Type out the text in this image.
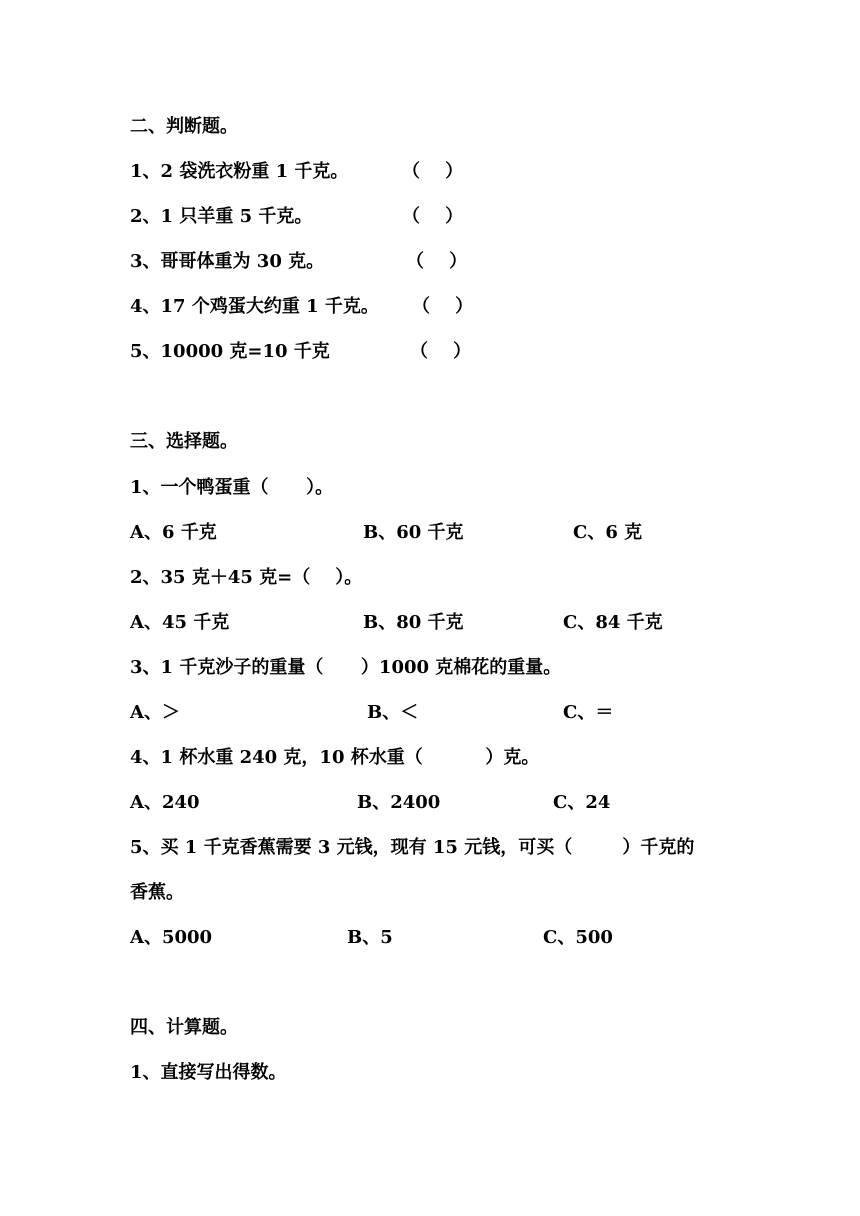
二、判断题。
1、2 袋洗衣粉重 1 千克。	（    ）
2、1 只羊重 5 千克。	（    ）
3、哥哥体重为 30 克。	（    ）
4、17 个鸡蛋大约重 1 千克。 （    ）
5、10000 克=10 千克	（    ）
三、选择题。
1、一个鸭蛋重（      ）。
A、6 千克	B、60 千克	C、6 克
2、35 克＋45 克=（    ）。
A、45 千克	B、80 千克	C、84 千克
3、1 千克沙子的重量（      ）1000 克棉花的重量。
A、＞	B、＜	C、＝
4、1 杯水重 240 克，10 杯水重（          ）克。
A、240	B、2400	C、24
5、买 1 千克香蕉需要 3 元钱，现有 15 元钱，可买（        ）千克的
香蕉。
A、5000	B、5	C、500
四、计算题。
1、直接写出得数。
